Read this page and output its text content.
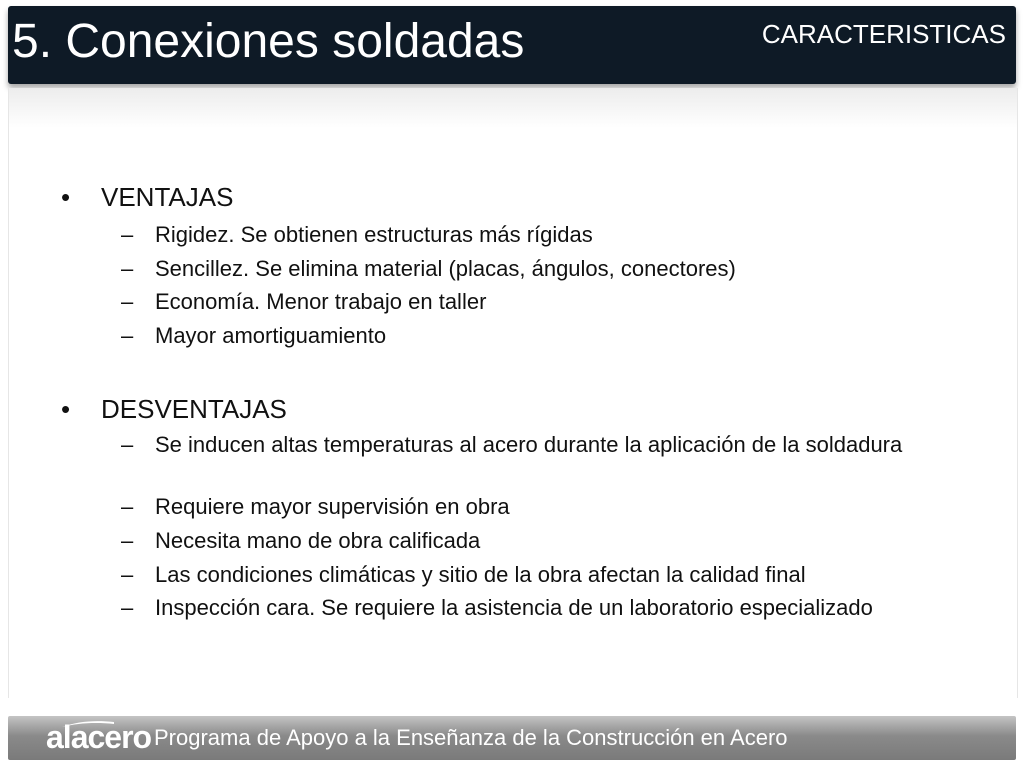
5. Conexiones soldadas	CARACTERISTICAS
• VENTAJAS
– Rigidez. Se obtienen estructuras más rígidas
– Sencillez. Se elimina material (placas, ángulos, conectores)
– Economía. Menor trabajo en taller
– Mayor amortiguamiento
• DESVENTAJAS
– Se inducen altas temperaturas al acero durante la aplicación de la soldadura
– Requiere mayor supervisión en obra
– Necesita mano de obra calificada
– Las condiciones climáticas y sitio de la obra afectan la calidad final
– Inspección cara. Se requiere la asistencia de un laboratorio especializado
alacero Programa de Apoyo a la Enseñanza de la Construcción en Acero
